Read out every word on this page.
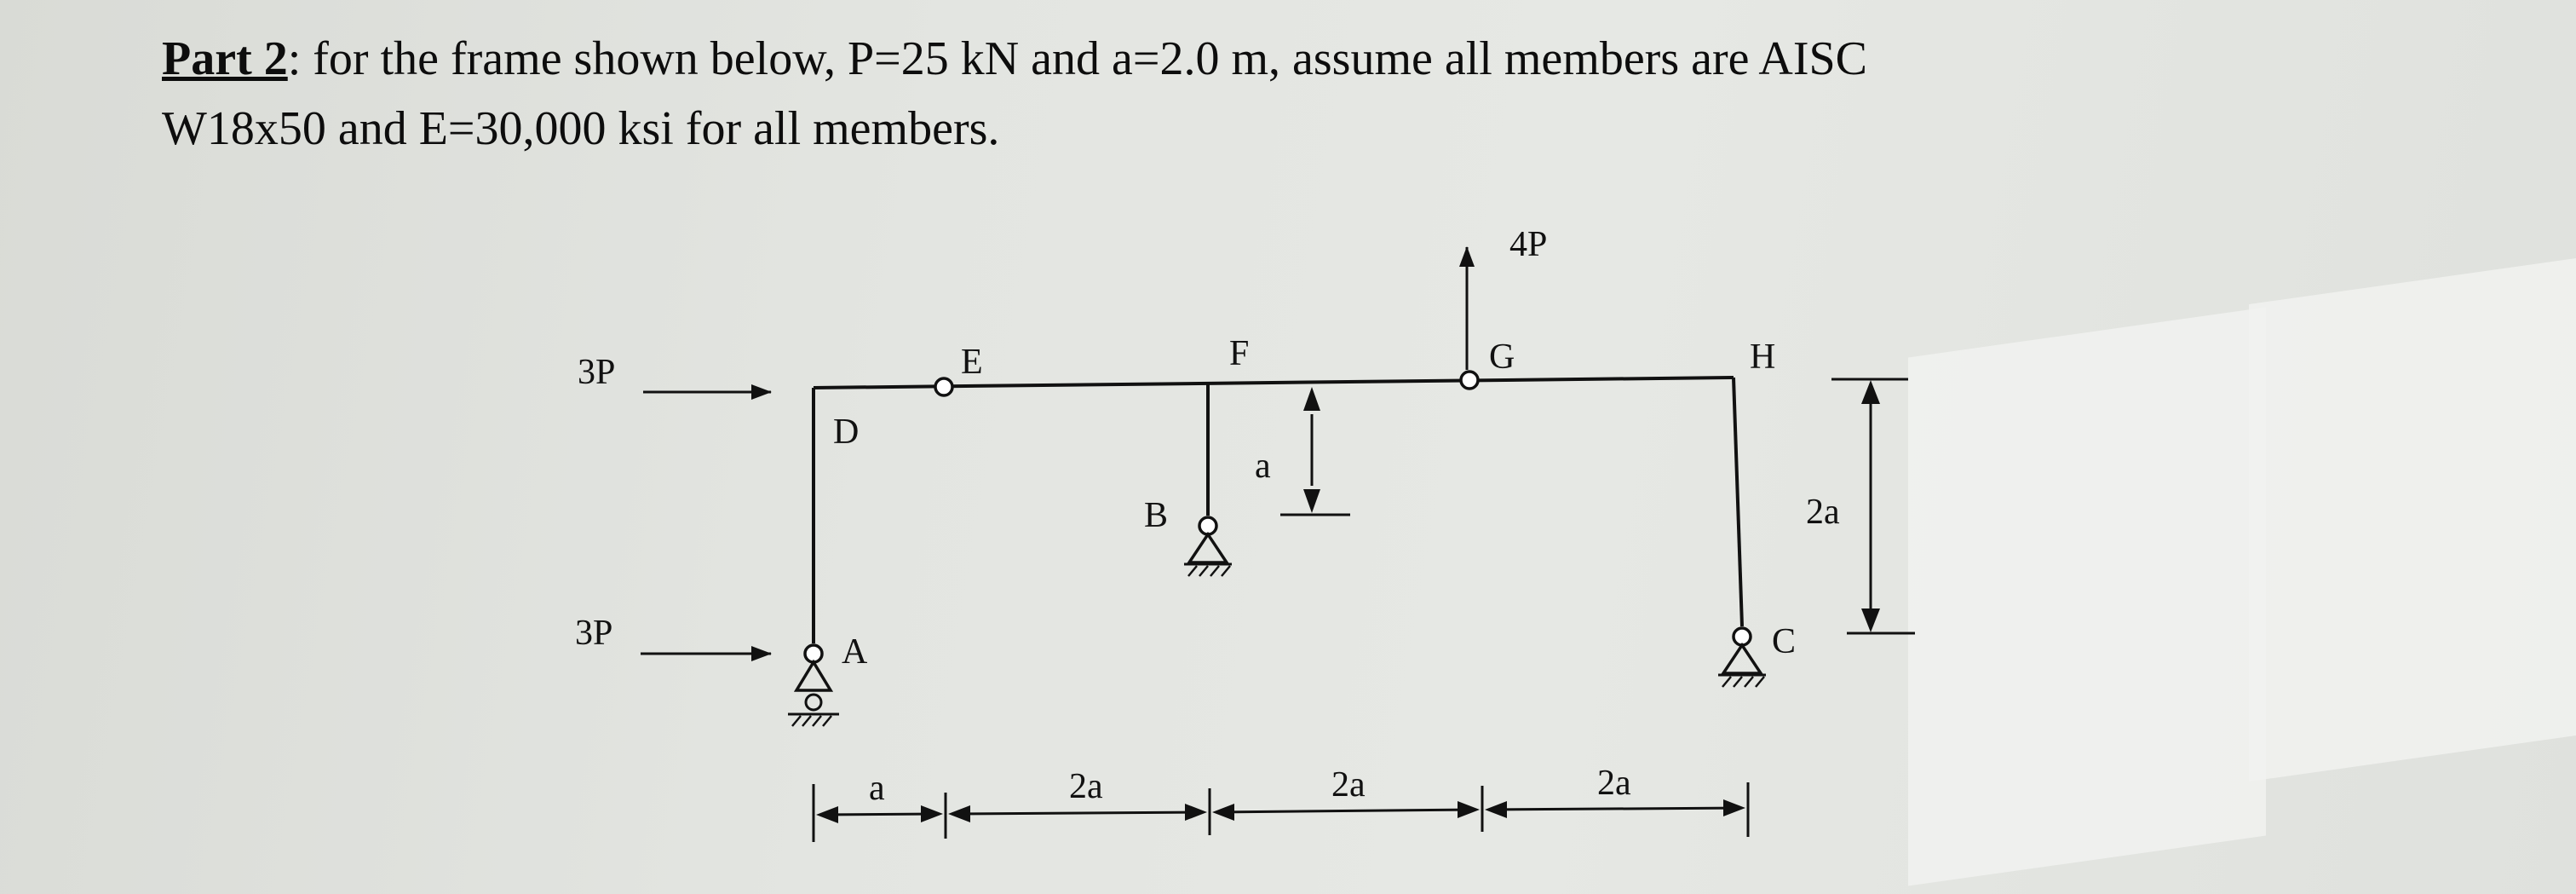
Part 2: for the frame shown below, P=25 kN and a=2.0 m, assume all members are AISC
W18x50 and E=30,000 ksi for all members.
3P
3P
4P
D
A
E	F
B
G	H
C
a
2a
a	2a	2a	2a
